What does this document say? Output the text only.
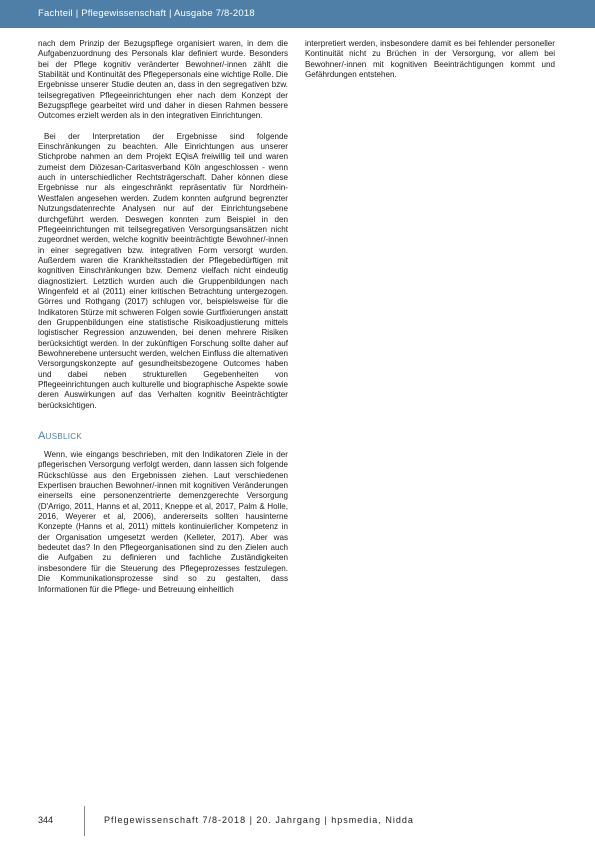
Fachteil | Pflegewissenschaft | Ausgabe 7/8-2018

nach dem Prinzip der Bezugspflege organisiert waren, in dem die Aufgabenzuordnung des Personals klar definiert wurde. Besonders bei der Pflege kognitiv veränderter Bewohner/-innen zählt die Stabilität und Kontinuität des Pflegepersonals eine wichtige Rolle. Die Ergebnisse unserer Studie deuten an, dass in den segregativen bzw. teilsegregativen Pflegeeinrichtungen eher nach dem Konzept der Bezugspflege gearbeitet wird und daher in diesen Rahmen bessere Outcomes erzielt werden als in den integrativen Einrichtungen.

Bei der Interpretation der Ergebnisse sind folgende Einschränkungen zu beachten. Alle Einrichtungen aus unserer Stichprobe nahmen an dem Projekt EQisA freiwillig teil und waren zumeist dem Diözesan-Caritasverband Köln angeschlossen - wenn auch in unterschiedlicher Rechtsträgerschaft. Daher können diese Ergebnisse nur als eingeschränkt repräsentativ für Nordrhein-Westfalen angesehen werden. Zudem konnten aufgrund begrenzter Nutzungsdatenrechte Analysen nur auf der Einrichtungsebene durchgeführt werden. Deswegen konnten zum Beispiel in den Pflegeeinrichtungen mit teilsegregativen Versorgungsansätzen nicht zugeordnet werden, welche kognitiv beeinträchtigte Bewohner/-innen in einer segregativen bzw. integrativen Form versorgt wurden. Außerdem waren die Krankheitsstadien der Pflegebedürftigen mit kognitiven Einschränkungen bzw. Demenz vielfach nicht eindeutig diagnostiziert. Letztlich wurden auch die Gruppenbildungen nach Wingenfeld et al (2011) einer kritischen Betrachtung untergezogen. Görres und Rothgang (2017) schlugen vor, beispielsweise für die Indikatoren Stürze mit schweren Folgen sowie Gurtfixierungen anstatt den Gruppenbildungen eine statistische Risikoadjustierung mittels logistischer Regression anzuwenden, bei denen mehrere Risiken berücksichtigt werden. In der zukünftigen Forschung sollte daher auf Bewohnerebene untersucht werden, welchen Einfluss die alternativen Versorgungskonzepte auf gesundheitsbezogene Outcomes haben und dabei neben strukturellen Gegebenheiten von Pflegeeinrichtungen auch kulturelle und biographische Aspekte sowie deren Auswirkungen auf das Verhalten kognitiv Beeinträchtigter berücksichtigen.

Ausblick

Wenn, wie eingangs beschrieben, mit den Indikatoren Ziele in der pflegerischen Versorgung verfolgt werden, dann lassen sich folgende Rückschlüsse aus den Ergebnissen ziehen. Laut verschiedenen Expertisen brauchen Bewohner/-innen mit kognitiven Veränderungen einerseits eine personenzentrierte demenzgerechte Versorgung (D'Arrigo, 2011, Hanns et al, 2011, Kneppe et al, 2017, Palm & Holle, 2016, Weyerer et al, 2006), andererseits sollten hausinterne Konzepte (Hanns et al, 2011) mittels kontinuierlicher Kompetenz in der Organisation umgesetzt werden (Kelleter, 2017). Aber was bedeutet das? In den Pflegeorganisationen sind zu den Zielen auch die Aufgaben zu definieren und fachliche Zuständigkeiten insbesondere für die Steuerung des Pflegeprozesses festzulegen. Die Kommunikationsprozesse sind so zu gestalten, dass Informationen für die Pflege- und Betreuung einheitlich

interpretiert werden, insbesondere damit es bei fehlender personeller Kontinuität nicht zu Brüchen in der Versorgung, vor allem bei Bewohner/-innen mit kognitiven Beeinträchtigungen kommt und Gefährdungen entstehen.

344	Pflegewissenschaft 7/8-2018 | 20. Jahrgang | hpsmedia, Nidda
